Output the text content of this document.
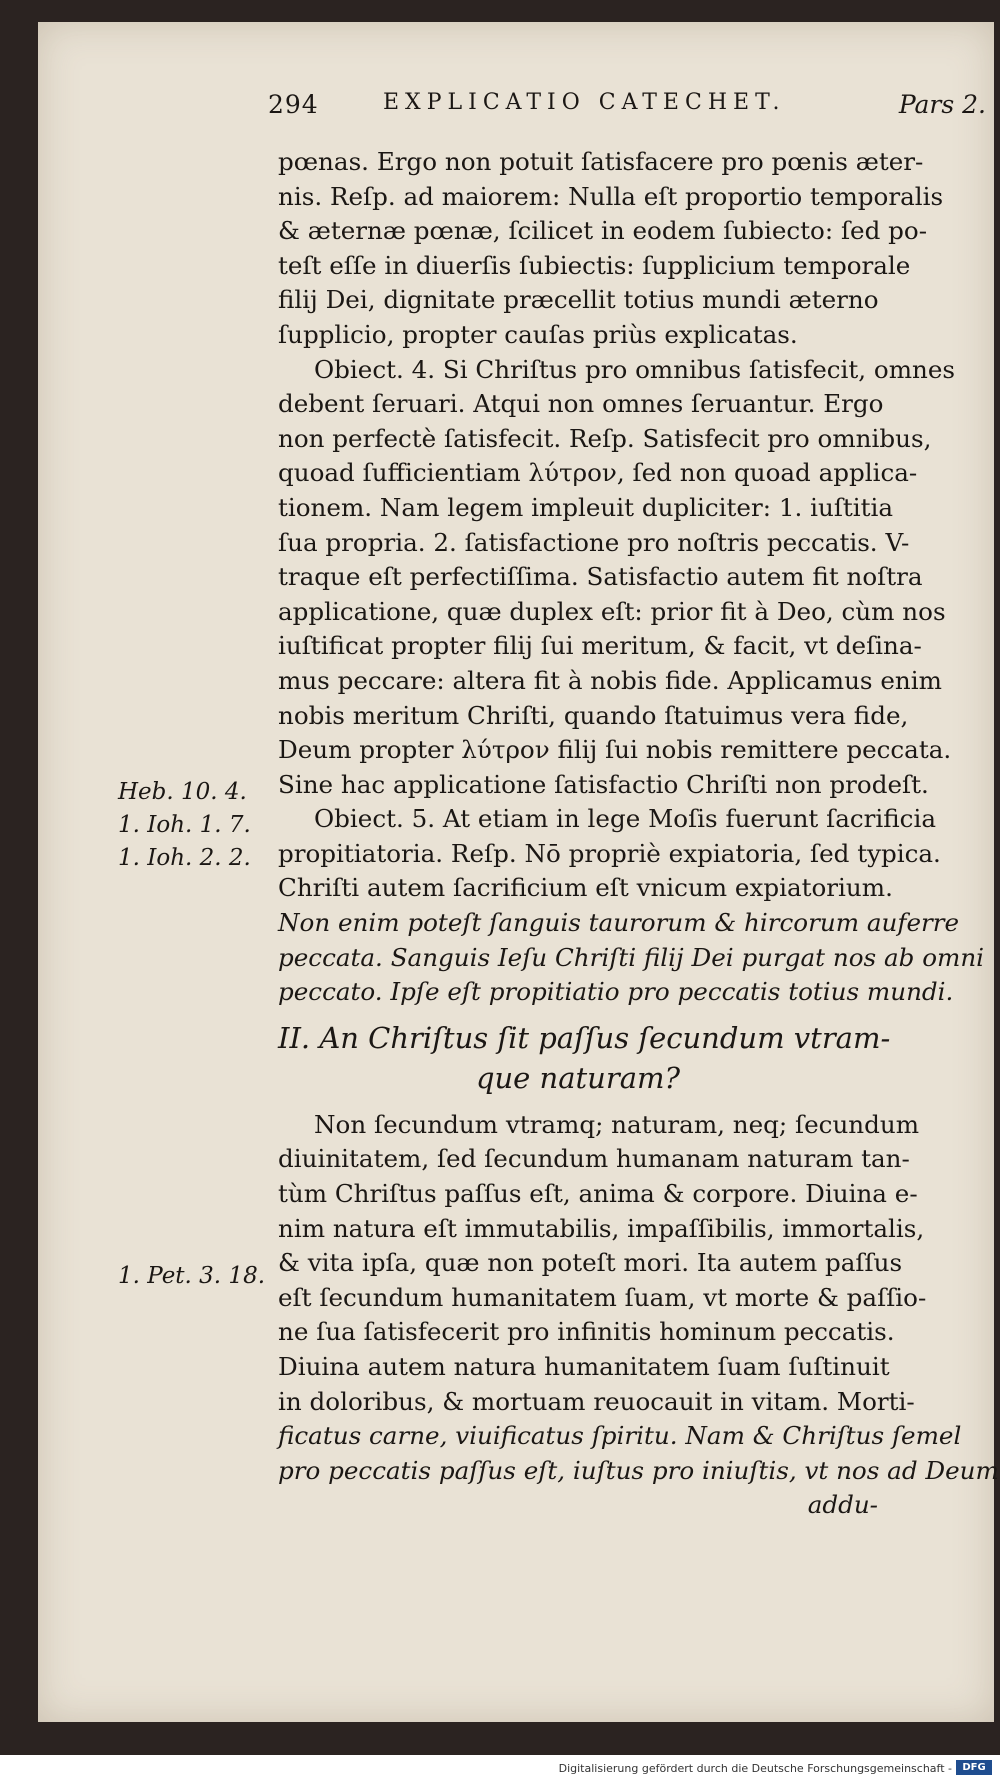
294	EXPLICATIO CATECHET.	Pars 2.
pœnas. Ergo non potuit ſatisfacere pro pœnis æter-
nis. Reſp. ad maiorem: Nulla eſt proportio temporalis
& æternæ pœnæ, ſcilicet in eodem ſubiecto: ſed po-
teſt eſſe in diuerſis ſubiectis: ſupplicium temporale
filij Dei, dignitate præcellit totius mundi æterno
ſupplicio, propter cauſas priùs explicatas.
Obiect. 4. Si Chriſtus pro omnibus ſatisfecit, omnes
debent ſeruari. Atqui non omnes ſeruantur. Ergo
non perfectè ſatisfecit. Reſp. Satisfecit pro omnibus,
quoad ſufficientiam λύτρον, ſed non quoad applica-
tionem. Nam legem impleuit dupliciter: 1. iuſtitia
ſua propria. 2. ſatisfactione pro noſtris peccatis. V-
traque eſt perfectiſſima. Satisfactio autem fit noſtra
applicatione, quæ duplex eſt: prior fit à Deo, cùm nos
iuſtificat propter filij ſui meritum, & facit, vt deſina-
mus peccare: altera fit à nobis fide. Applicamus enim
nobis meritum Chriſti, quando ſtatuimus vera fide,
Deum propter λύτρον filij ſui nobis remittere peccata.
Sine hac applicatione ſatisfactio Chriſti non prodeſt.
Obiect. 5. At etiam in lege Moſis fuerunt ſacrificia
propitiatoria. Reſp. Nō propriè expiatoria, ſed typica.
Chriſti autem ſacrificium eſt vnicum expiatorium.
Non enim poteſt ſanguis taurorum & hircorum auferre
peccata. Sanguis Ieſu Chriſti filij Dei purgat nos ab omni
peccato. Ipſe eſt propitiatio pro peccatis totius mundi.
II. An Chriſtus ſit paſſus ſecundum vtram-
que naturam?
Non ſecundum vtramq; naturam, neq; ſecundum
diuinitatem, ſed ſecundum humanam naturam tan-
tùm Chriſtus paſſus eſt, anima & corpore. Diuina e-
nim natura eſt immutabilis, impaſſibilis, immortalis,
& vita ipſa, quæ non poteſt mori. Ita autem paſſus
eſt ſecundum humanitatem ſuam, vt morte & paſſio-
ne ſua ſatisfecerit pro infinitis hominum peccatis.
Diuina autem natura humanitatem ſuam ſuſtinuit
in doloribus, & mortuam reuocauit in vitam. Morti-
ficatus carne, viuificatus ſpiritu. Nam & Chriſtus ſemel
pro peccatis paſſus eſt, iuſtus pro iniuſtis, vt nos ad Deum
addu-
Heb. 10. 4.
1. Ioh. 1. 7.
1. Ioh. 2. 2.
1. Pet. 3. 18.
Digitalisierung gefördert durch die Deutsche Forschungsgemeinschaft -	DFG
